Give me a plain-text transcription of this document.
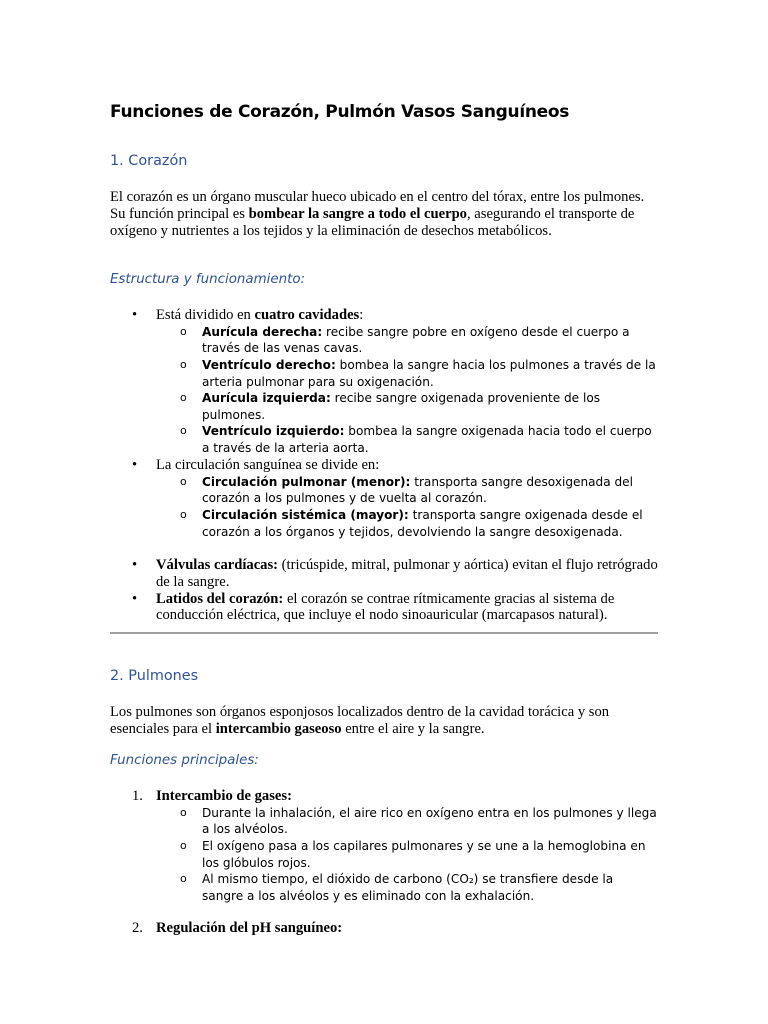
Funciones de Corazón, Pulmón Vasos Sanguíneos
1. Corazón

El corazón es un órgano muscular hueco ubicado en el centro del tórax, entre los pulmones. Su función principal es bombear la sangre a todo el cuerpo, asegurando el transporte de oxígeno y nutrientes a los tejidos y la eliminación de desechos metabólicos.

Estructura y funcionamiento:
• Está dividido en cuatro cavidades:
o Aurícula derecha: recibe sangre pobre en oxígeno desde el cuerpo a través de las venas cavas.
o Ventrículo derecho: bombea la sangre hacia los pulmones a través de la arteria pulmonar para su oxigenación.
o Aurícula izquierda: recibe sangre oxigenada proveniente de los pulmones.
o Ventrículo izquierdo: bombea la sangre oxigenada hacia todo el cuerpo a través de la arteria aorta.
• La circulación sanguínea se divide en:
o Circulación pulmonar (menor): transporta sangre desoxigenada del corazón a los pulmones y de vuelta al corazón.
o Circulación sistémica (mayor): transporta sangre oxigenada desde el corazón a los órganos y tejidos, devolviendo la sangre desoxigenada.
• Válvulas cardíacas: (tricúspide, mitral, pulmonar y aórtica) evitan el flujo retrógrado de la sangre.
• Latidos del corazón: el corazón se contrae rítmicamente gracias al sistema de conducción eléctrica, que incluye el nodo sinoauricular (marcapasos natural).
2. Pulmones

Los pulmones son órganos esponjosos localizados dentro de la cavidad torácica y son esenciales para el intercambio gaseoso entre el aire y la sangre.

Funciones principales:
1. Intercambio de gases:
o Durante la inhalación, el aire rico en oxígeno entra en los pulmones y llega a los alvéolos.
o El oxígeno pasa a los capilares pulmonares y se une a la hemoglobina en los glóbulos rojos.
o Al mismo tiempo, el dióxido de carbono (CO₂) se transfiere desde la sangre a los alvéolos y es eliminado con la exhalación.
2. Regulación del pH sanguíneo:
